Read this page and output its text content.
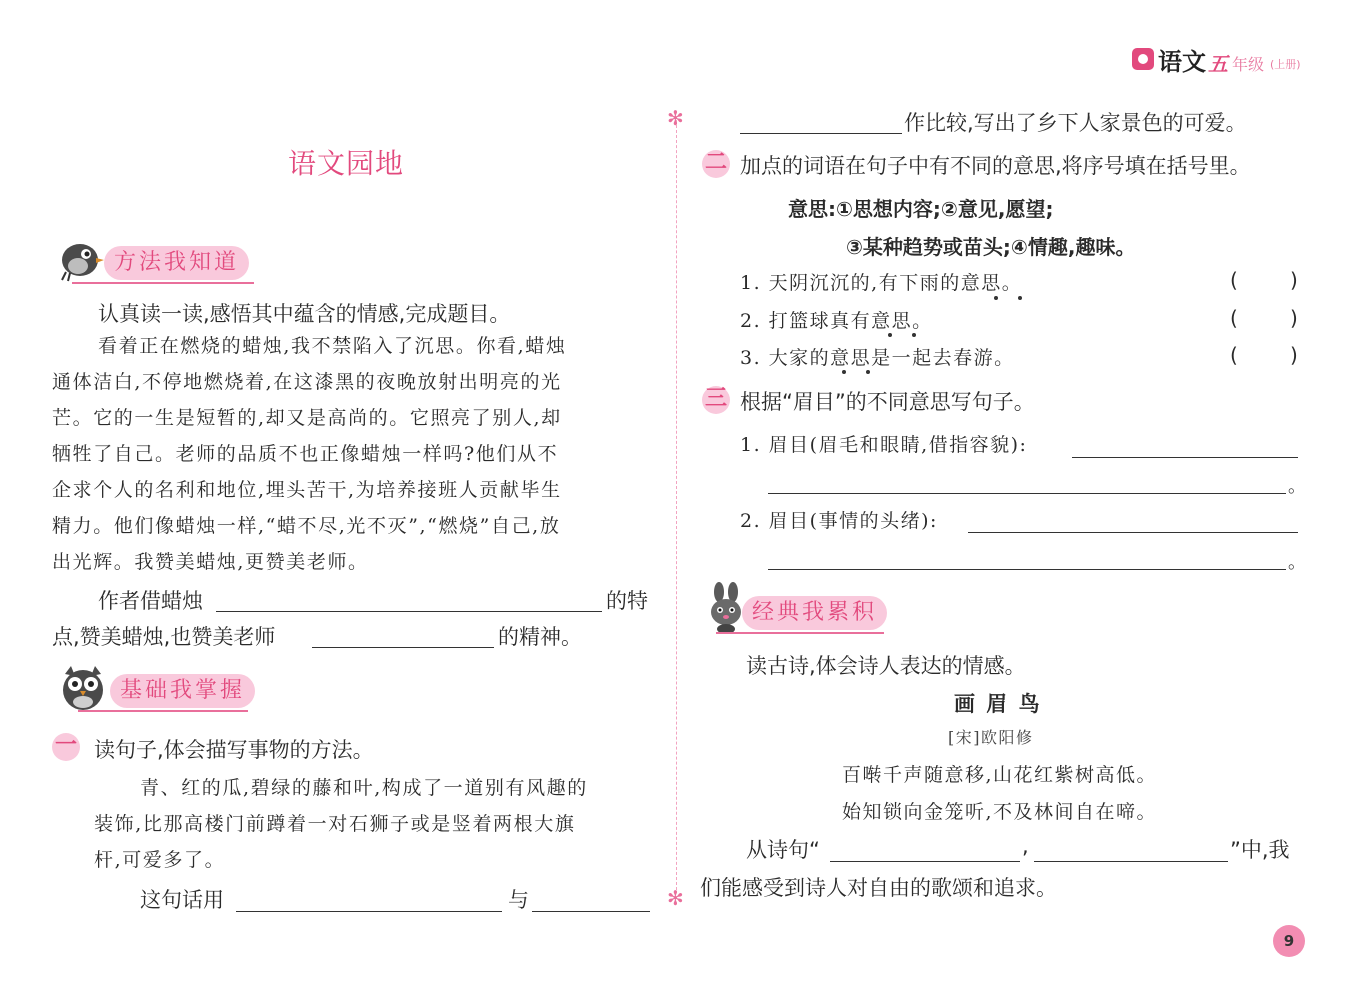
语文 五 年级 (上册)
✻
✻
语文园地
方法我知道
认真读一读,感悟其中蕴含的情感,完成题目。
看着正在燃烧的蜡烛,我不禁陷入了沉思。你看,蜡烛
通体洁白,不停地燃烧着,在这漆黑的夜晚放射出明亮的光
芒。它的一生是短暂的,却又是高尚的。它照亮了别人,却
牺牲了自己。老师的品质不也正像蜡烛一样吗?他们从不
企求个人的名利和地位,埋头苦干,为培养接班人贡献毕生
精力。他们像蜡烛一样,“蜡不尽,光不灭”,“燃烧”自己,放
出光辉。我赞美蜡烛,更赞美老师。
作者借蜡烛	的特
点,赞美蜡烛,也赞美老师	的精神。
基础我掌握
一 读句子,体会描写事物的方法。
青、红的瓜,碧绿的藤和叶,构成了一道别有风趣的
装饰,比那高楼门前蹲着一对石狮子或是竖着两根大旗
杆,可爱多了。
这句话用	与
作比较,写出了乡下人家景色的可爱。
二 加点的词语在句子中有不同的意思,将序号填在括号里。
意思:①思想内容;②意见,愿望;
③某种趋势或苗头;④情趣,趣味。
1. 天阴沉沉的,有下雨的意思。	(	)
2. 打篮球真有意思。	(	)
3. 大家的意思是一起去春游。	(	)
三 根据“眉目”的不同意思写句子。
1. 眉目(眉毛和眼睛,借指容貌):
。
2. 眉目(事情的头绪):
。
经典我累积
读古诗,体会诗人表达的情感。
画 眉 鸟
[宋]欧阳修
百啭千声随意移,山花红紫树高低。
始知锁向金笼听,不及林间自在啼。
从诗句“	,	”中,我
们能感受到诗人对自由的歌颂和追求。
9
